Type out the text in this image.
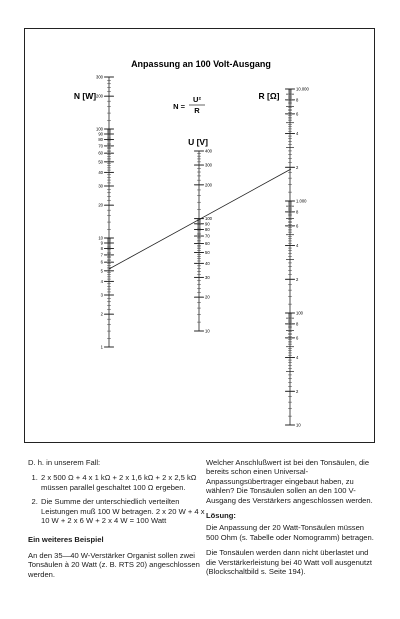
Anpassung an 100 Volt-Ausgang
N [W]
U [V]
R [Ω]
N =
U²
R
300
200
100
90
80
70
60
50
40
30
20
10
9
8
7
6
5
4
3
2
1
400
300
200
100
90
80
70
60
50
40
30
20
10
10.000
8
6
4
2
1.000
8
6
4
2
100
8
6
4
2
10

D. h. in unserem Fall:

1. 2 x 500 Ω + 4 x 1 kΩ + 2 x 1,6 kΩ + 2 x 2,5 kΩ müssen parallel geschaltet 100 Ω ergeben.
2. Die Summe der unterschiedlich verteilten Leistungen muß 100 W betragen. 2 x 20 W + 4 x 10 W + 2 x 6 W + 2 x 4 W = 100 Watt

Ein weiteres Beispiel

An den 35—40 W-Verstärker Organist sollen zwei Tonsäulen à 20 Watt (z. B. RTS 20) angeschlossen werden.

Welcher Anschlußwert ist bei den Tonsäulen, die bereits schon einen Universal-Anpassungsübertrager eingebaut haben, zu wählen? Die Tonsäulen sollen an den 100 V-Ausgang des Verstärkers angeschlossen werden.

Lösung:

Die Anpassung der 20 Watt-Tonsäulen müssen 500 Ohm (s. Tabelle oder Nomogramm) betragen.

Die Tonsäulen werden dann nicht überlastet und die Verstärkerleistung bei 40 Watt voll ausgenutzt (Blockschaltbild s. Seite 194).
